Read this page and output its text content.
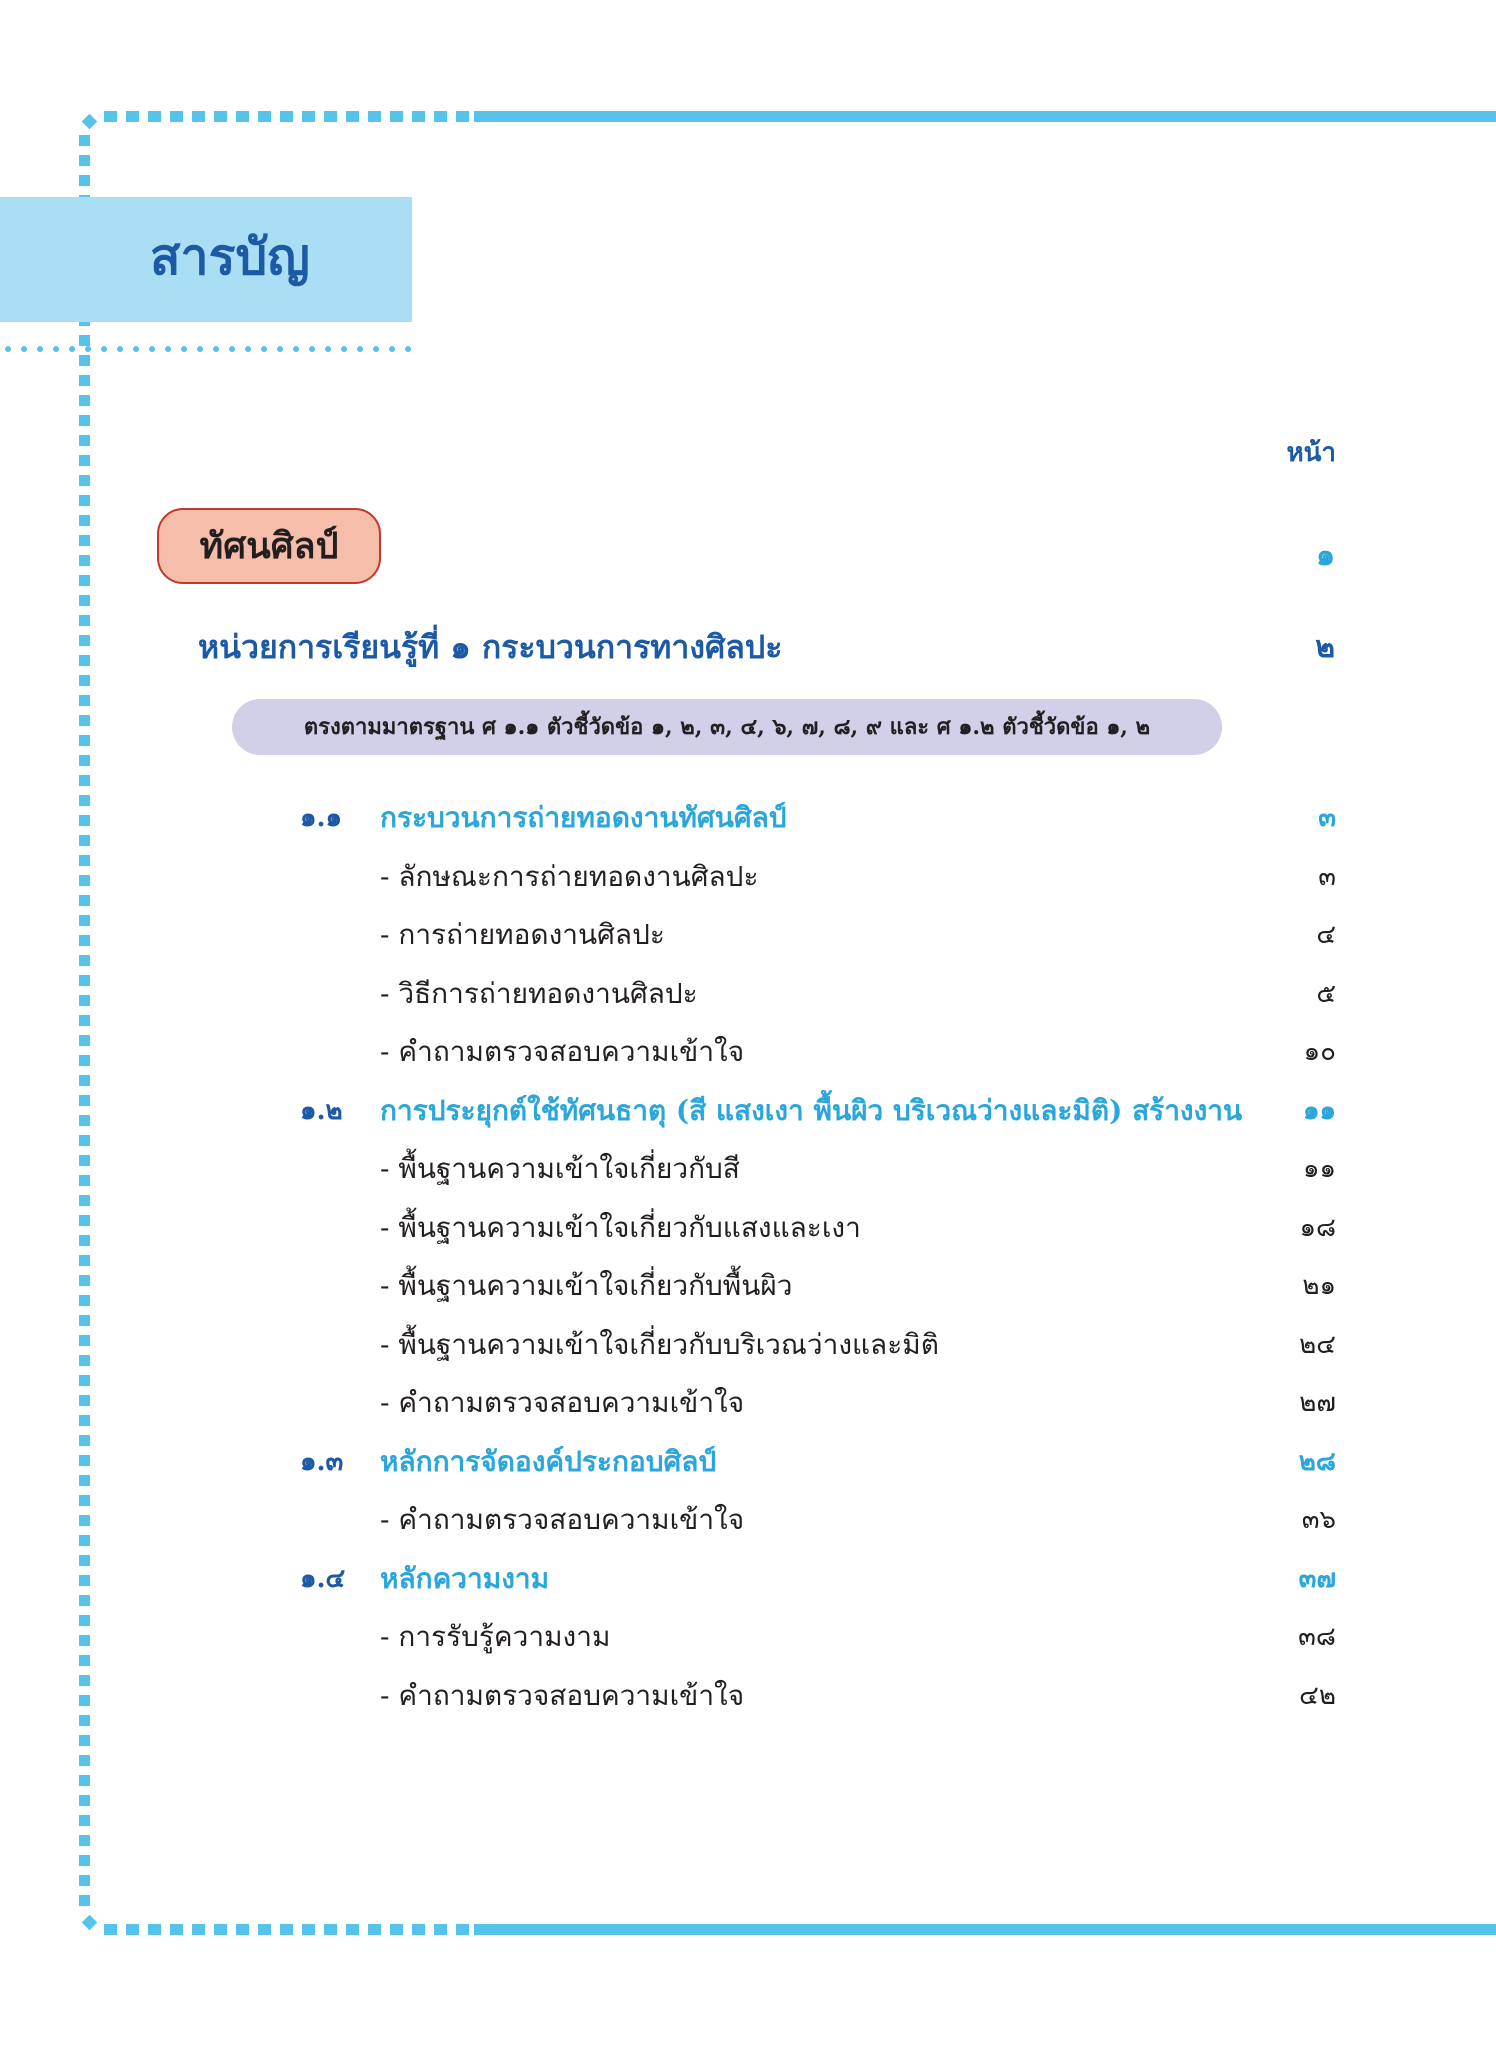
สารบัญ
หน้า
ทัศนศิลป์	๑
หน่วยการเรียนรู้ที่ ๑ กระบวนการทางศิลปะ	๒
ตรงตามมาตรฐาน ศ ๑.๑ ตัวชี้วัดข้อ ๑, ๒, ๓, ๔, ๖, ๗, ๘, ๙ และ ศ ๑.๒ ตัวชี้วัดข้อ ๑, ๒
๑.๑	กระบวนการถ่ายทอดงานทัศนศิลป์	๓
- ลักษณะการถ่ายทอดงานศิลปะ	๓
- การถ่ายทอดงานศิลปะ	๔
- วิธีการถ่ายทอดงานศิลปะ	๕
- คำถามตรวจสอบความเข้าใจ	๑๐
๑.๒	การประยุกต์ใช้ทัศนธาตุ (สี แสงเงา พื้นผิว บริเวณว่างและมิติ) สร้างงาน ๑๑
- พื้นฐานความเข้าใจเกี่ยวกับสี	๑๑
- พื้นฐานความเข้าใจเกี่ยวกับแสงและเงา	๑๘
- พื้นฐานความเข้าใจเกี่ยวกับพื้นผิว	๒๑
- พื้นฐานความเข้าใจเกี่ยวกับบริเวณว่างและมิติ	๒๔
- คำถามตรวจสอบความเข้าใจ	๒๗
๑.๓	หลักการจัดองค์ประกอบศิลป์	๒๘
- คำถามตรวจสอบความเข้าใจ	๓๖
๑.๔	หลักความงาม	๓๗
- การรับรู้ความงาม	๓๘
- คำถามตรวจสอบความเข้าใจ	๔๒
